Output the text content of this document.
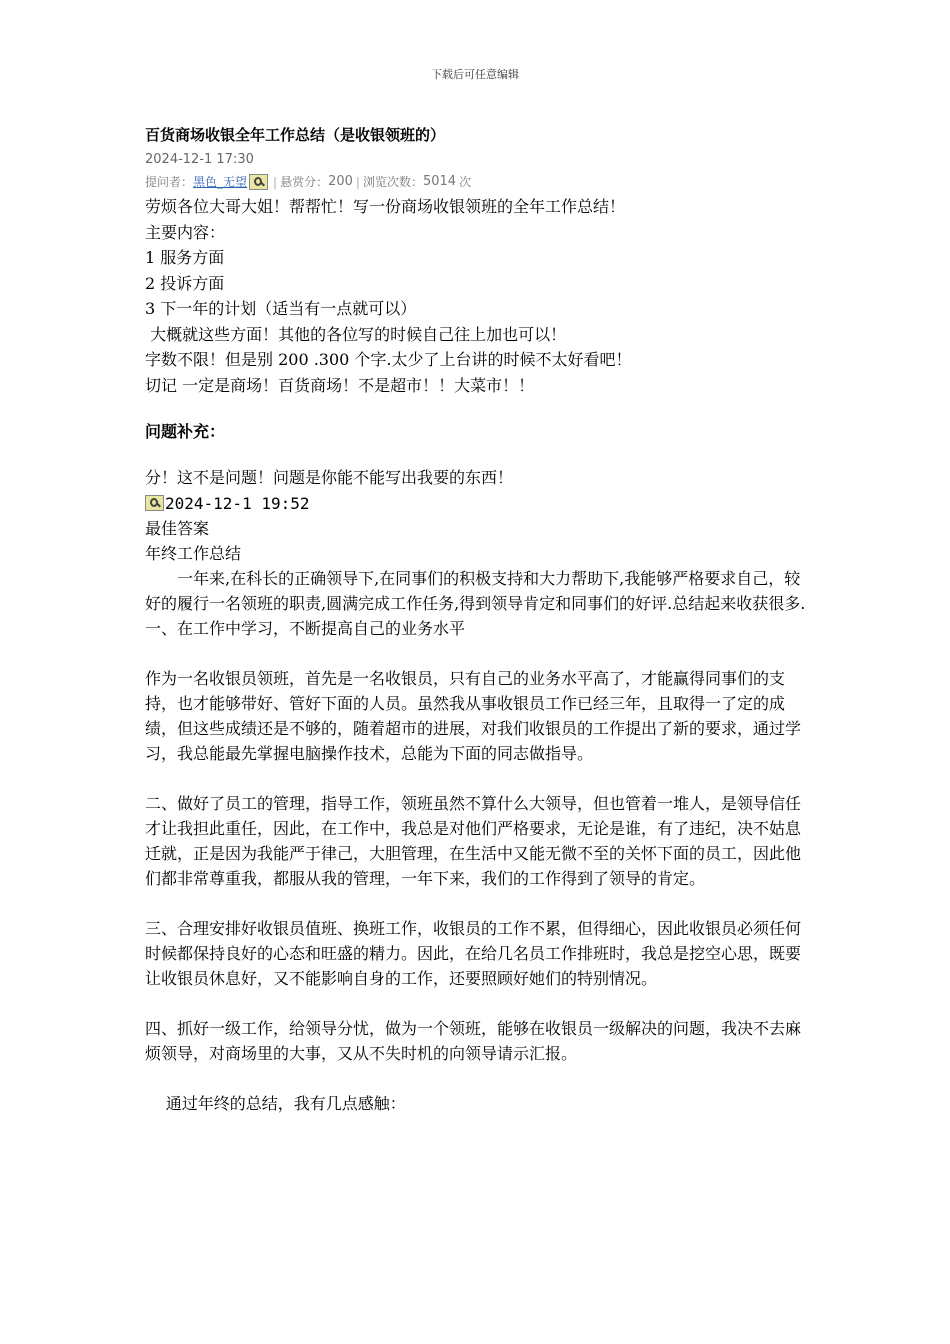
下载后可任意编辑
百货商场收银全年工作总结（是收银领班的）
2024-12-1 17:30
提问者： 黑色_无望 | 悬赏分： 200 | 浏览次数： 5014 次
劳烦各位大哥大姐！帮帮忙！写一份商场收银领班的全年工作总结！
主要内容：
1 服务方面
2 投诉方面
3 下一年的计划（适当有一点就可以）
大概就这些方面！其他的各位写的时候自己往上加也可以！
字数不限！但是别 200 .300 个字.太少了上台讲的时候不太好看吧！
切记 一定是商场！百货商场！不是超市！！大菜市！！
问题补充：
分！这不是问题！问题是你能不能写出我要的东西！
2024-12-1 19:52

最佳答案

年终工作总结

一年来,在科长的正确领导下,在同事们的积极支持和大力帮助下,我能够严格要求自己，较好的履行一名领班的职责,圆满完成工作任务,得到领导肯定和同事们的好评.总结起来收获很多.

一、在工作中学习，不断提高自己的业务水平

作为一名收银员领班，首先是一名收银员，只有自己的业务水平高了，才能赢得同事们的支持，也才能够带好、管好下面的人员。虽然我从事收银员工作已经三年，且取得一了定的成绩，但这些成绩还是不够的，随着超市的进展，对我们收银员的工作提出了新的要求，通过学习，我总能最先掌握电脑操作技术，总能为下面的同志做指导。

二、做好了员工的管理，指导工作，领班虽然不算什么大领导，但也管着一堆人，是领导信任才让我担此重任，因此，在工作中，我总是对他们严格要求，无论是谁，有了违纪，决不姑息迁就，正是因为我能严于律己，大胆管理，在生活中又能无微不至的关怀下面的员工，因此他们都非常尊重我，都服从我的管理，一年下来，我们的工作得到了领导的肯定。

三、合理安排好收银员值班、换班工作，收银员的工作不累，但得细心，因此收银员必须任何时候都保持良好的心态和旺盛的精力。因此，在给几名员工作排班时，我总是挖空心思，既要让收银员休息好，又不能影响自身的工作，还要照顾好她们的特别情况。

四、抓好一级工作，给领导分忧，做为一个领班，能够在收银员一级解决的问题，我决不去麻烦领导，对商场里的大事，又从不失时机的向领导请示汇报。

通过年终的总结，我有几点感触：
